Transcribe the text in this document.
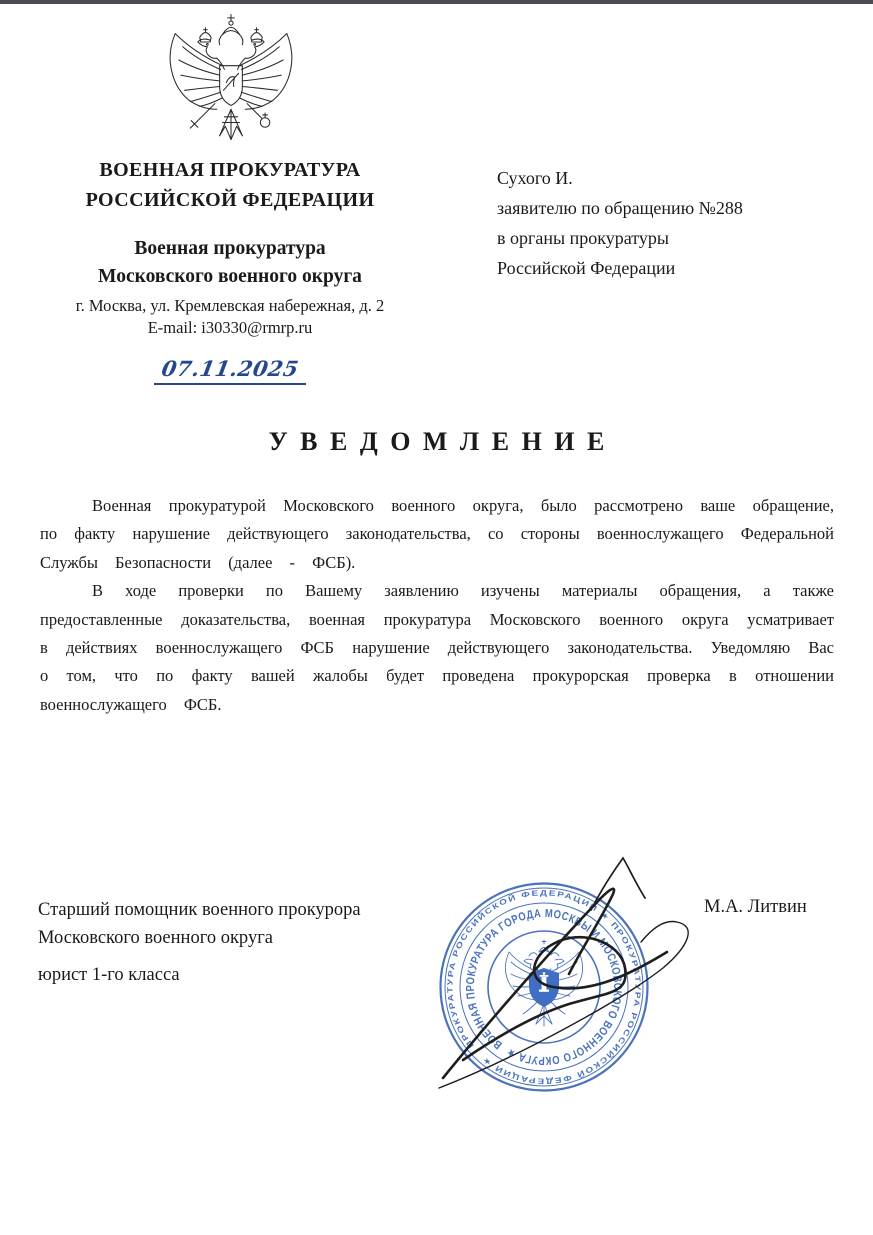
ВОЕННАЯ ПРОКУРАТУРА
РОССИЙСКОЙ ФЕДЕРАЦИИ
Военная прокуратура
Московского военного округа
г. Москва, ул. Кремлевская набережная, д. 2
E-mail: i30330@rmrp.ru
07.11.2025
Сухого И.
заявителю по обращению №288
в органы прокуратуры
Российской Федерации
УВЕДОМЛЕНИЕ

Военная прокуратурой Московского военного округа, было рассмотрено ваше обращение, по факту нарушение действующего законодательства, со стороны военнослужащего Федеральной Службы Безопасности (далее - ФСБ).

В ходе проверки по Вашему заявлению изучены материалы обращения, а также предоставленные доказательства, военная прокуратура Московского военного округа усматривает в действиях военнослужащего ФСБ нарушение действующего законодательства. Уведомляю Вас о том, что по факту вашей жалобы будет проведена прокурорская проверка в отношении военнослужащего ФСБ.

Старший помощник военного прокурора
Московского военного округа
юрист 1-го класса
М.А. Литвин
ПРОКУРАТУРА РОССИЙСКОЙ ФЕДЕРАЦИИ ★ ПРОКУРАТУРА РОССИЙСКОЙ ФЕДЕРАЦИИ ★
ВОЕННАЯ ПРОКУРАТУРА ГОРОДА МОСКВЫ И МОСКОВСКОГО ВОЕННОГО ОКРУГА ★
